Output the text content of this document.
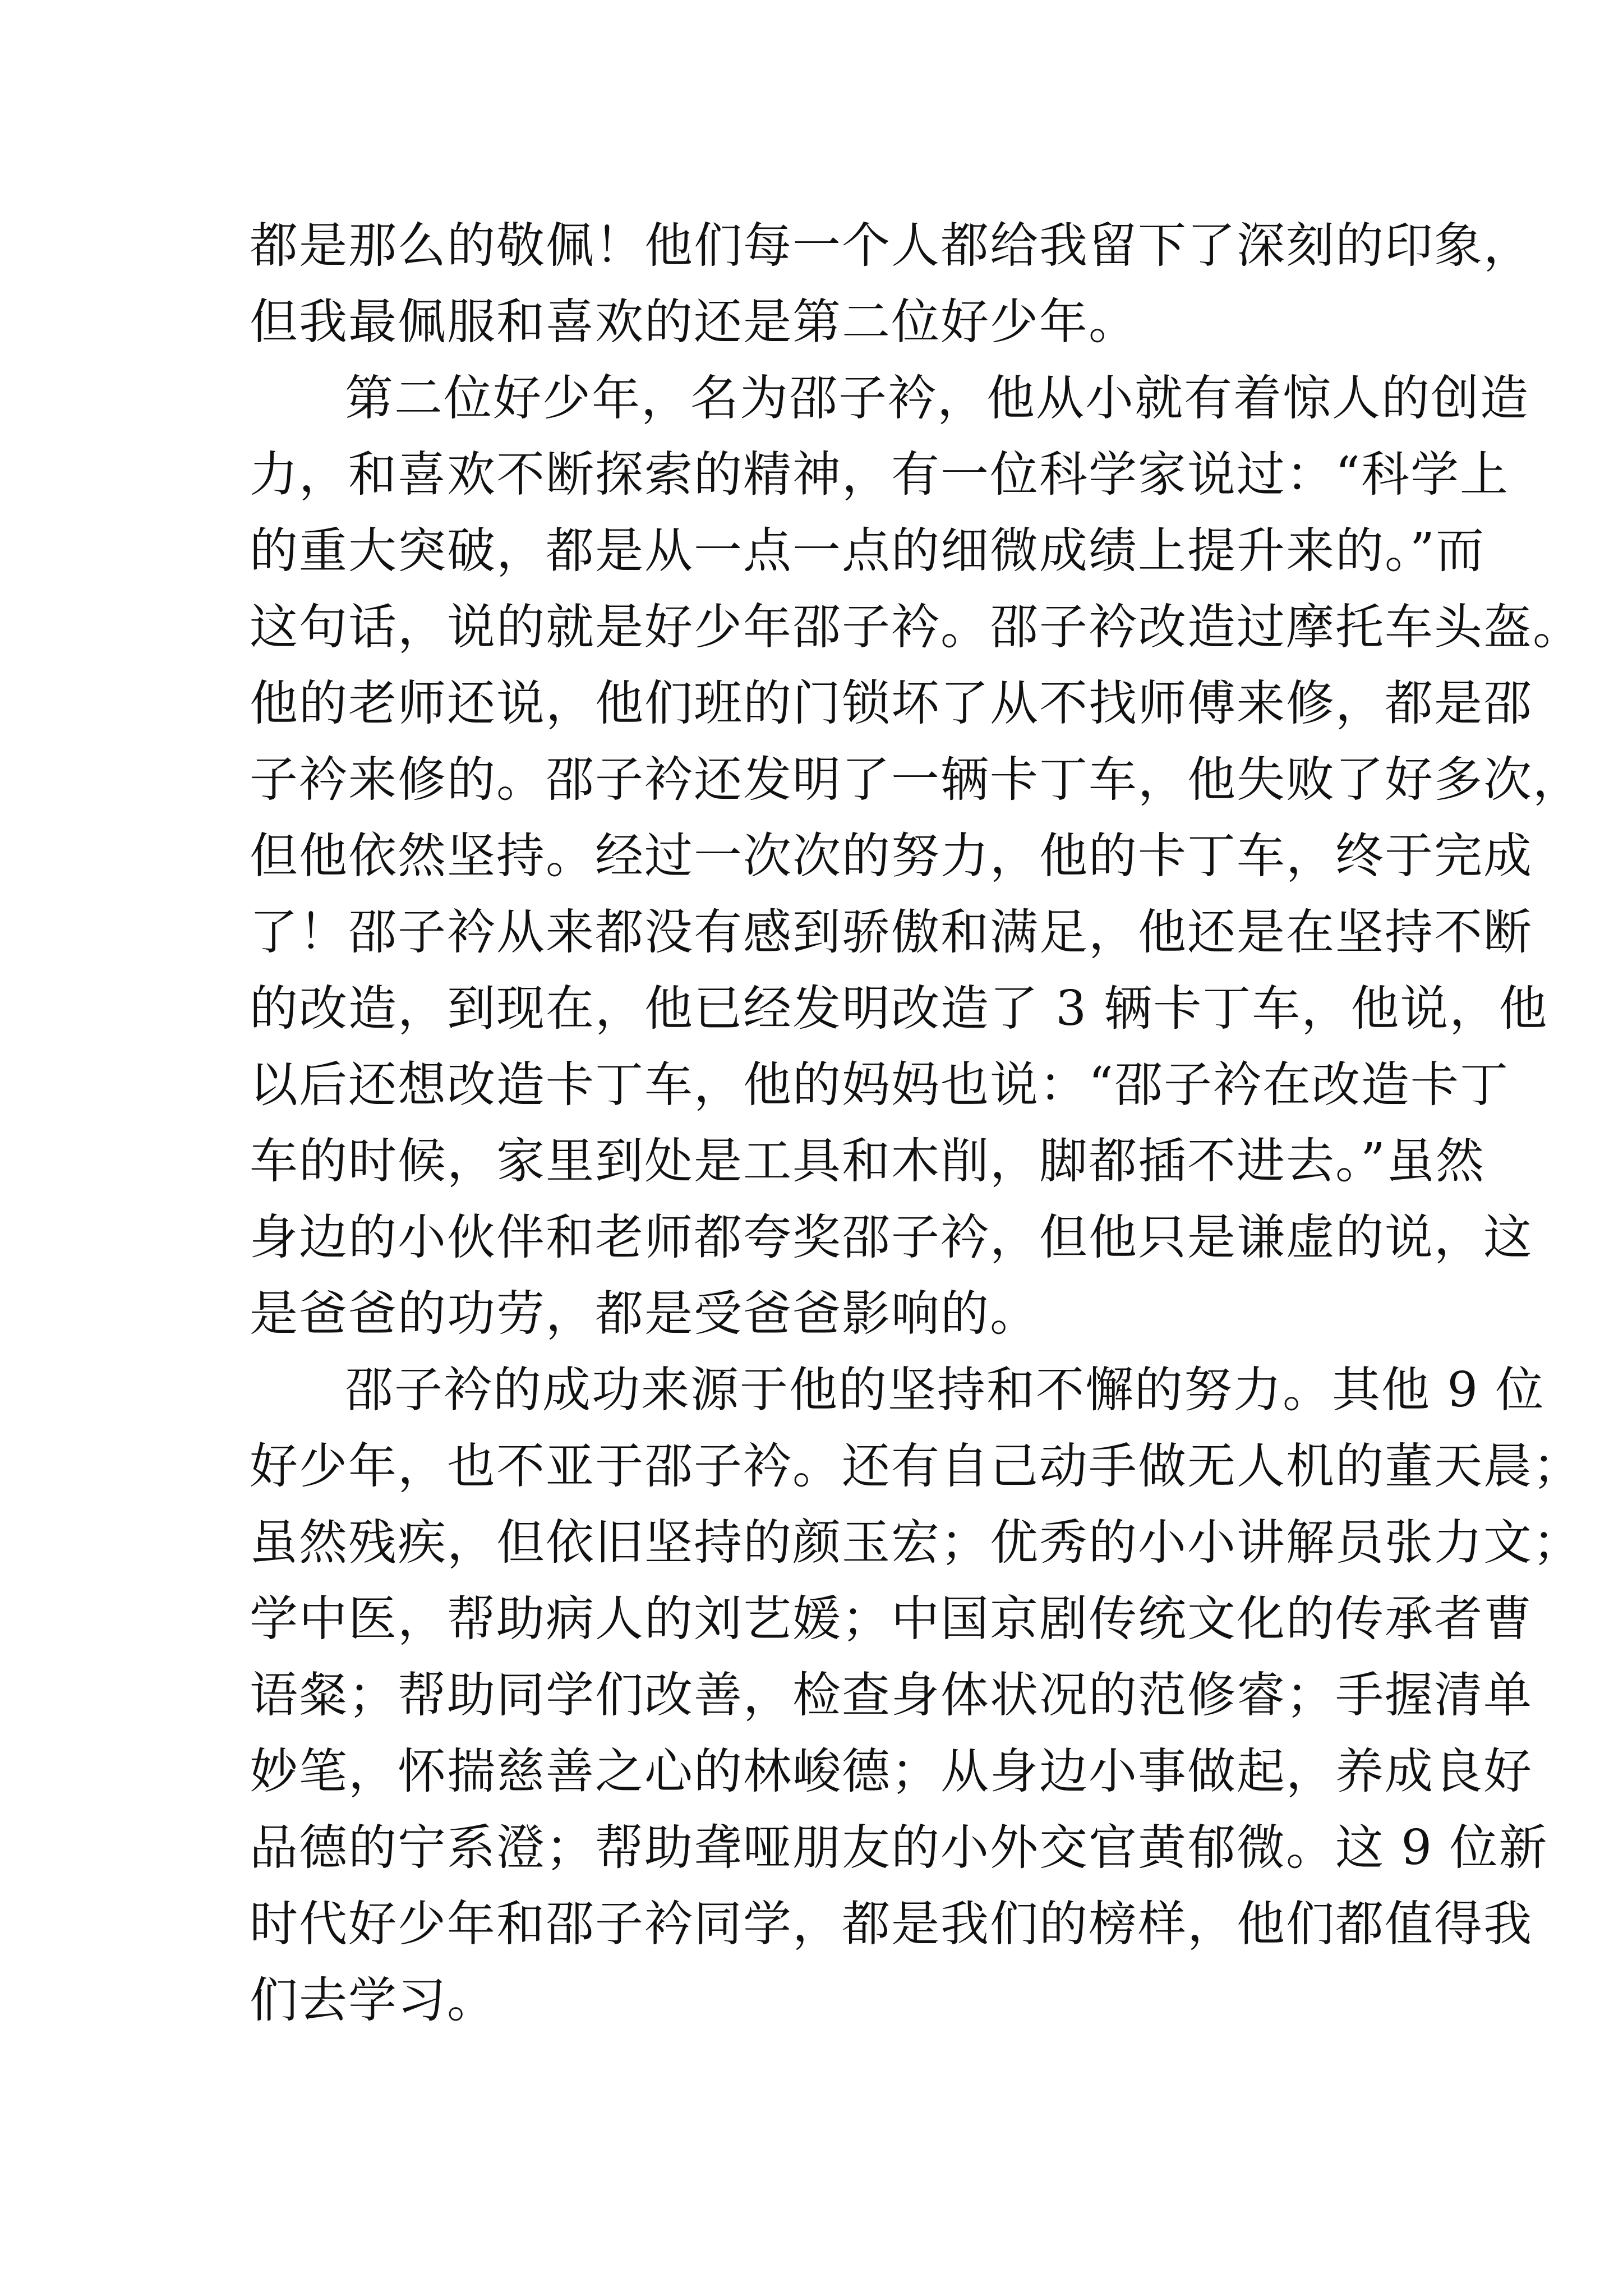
都是那么的敬佩！他们每一个人都给我留下了深刻的印象，
但我最佩服和喜欢的还是第二位好少年。
第二位好少年，名为邵子衿，他从小就有着惊人的创造
力，和喜欢不断探索的精神，有一位科学家说过：“科学上
的重大突破，都是从一点一点的细微成绩上提升来的。”而
这句话，说的就是好少年邵子衿。邵子衿改造过摩托车头盔。
他的老师还说，他们班的门锁坏了从不找师傅来修，都是邵
子衿来修的。邵子衿还发明了一辆卡丁车，他失败了好多次，
但他依然坚持。经过一次次的努力，他的卡丁车，终于完成
了！邵子衿从来都没有感到骄傲和满足，他还是在坚持不断
的改造，到现在，他已经发明改造了 3 辆卡丁车，他说，他
以后还想改造卡丁车，他的妈妈也说：“邵子衿在改造卡丁
车的时候，家里到处是工具和木削，脚都插不进去。”虽然
身边的小伙伴和老师都夸奖邵子衿，但他只是谦虚的说，这
是爸爸的功劳，都是受爸爸影响的。
邵子衿的成功来源于他的坚持和不懈的努力。其他 9 位
好少年，也不亚于邵子衿。还有自己动手做无人机的董天晨；
虽然残疾，但依旧坚持的颜玉宏；优秀的小小讲解员张力文；
学中医，帮助病人的刘艺媛；中国京剧传统文化的传承者曹
语粲；帮助同学们改善，检查身体状况的范修睿；手握清单
妙笔，怀揣慈善之心的林峻德；从身边小事做起，养成良好
品德的宁系澄；帮助聋哑朋友的小外交官黄郁微。这 9 位新
时代好少年和邵子衿同学，都是我们的榜样，他们都值得我
们去学习。
